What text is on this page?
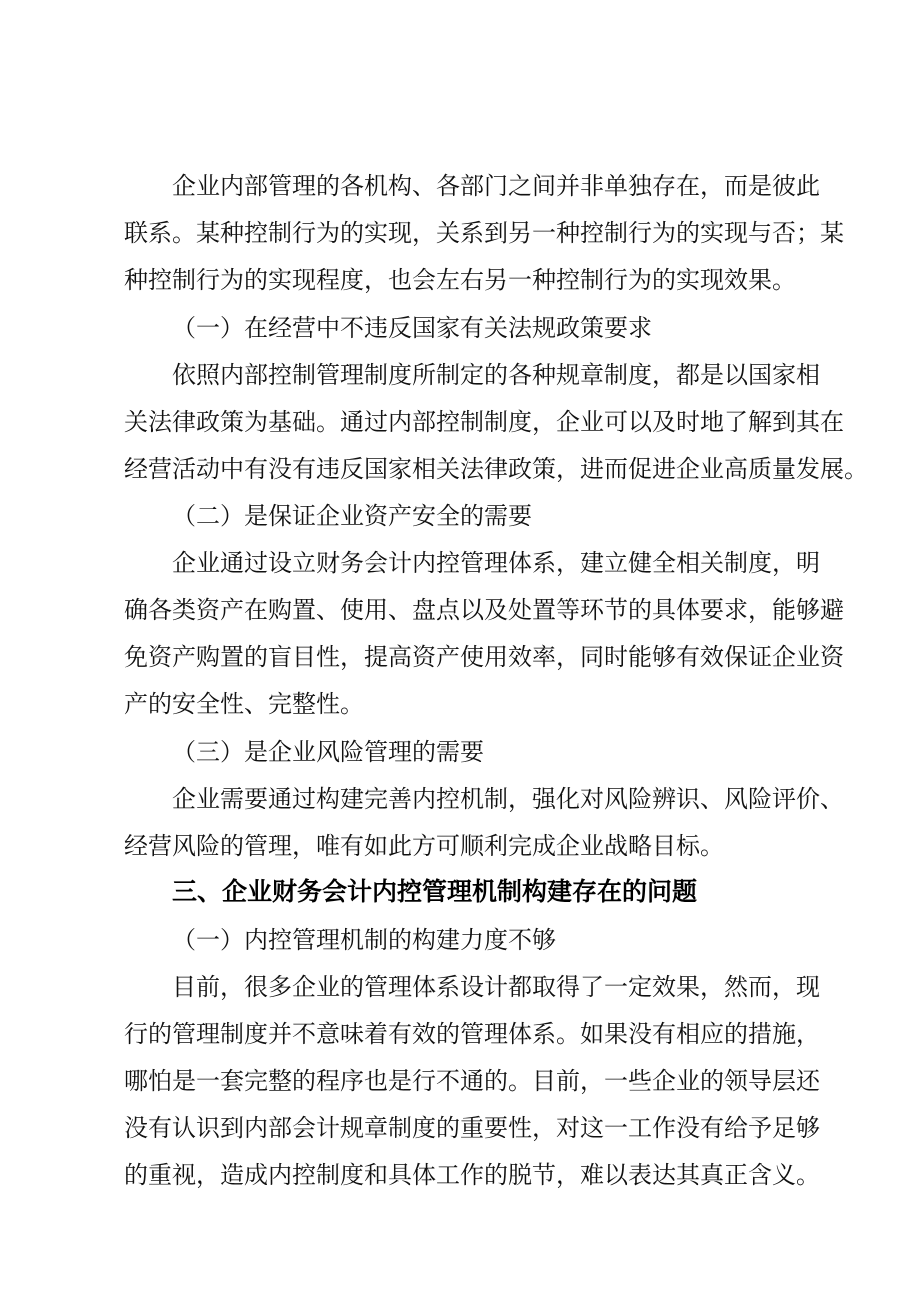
企业内部管理的各机构、各部门之间并非单独存在，而是彼此
联系。某种控制行为的实现，关系到另一种控制行为的实现与否；某
种控制行为的实现程度，也会左右另一种控制行为的实现效果。
（一）在经营中不违反国家有关法规政策要求
依照内部控制管理制度所制定的各种规章制度，都是以国家相
关法律政策为基础。通过内部控制制度，企业可以及时地了解到其在
经营活动中有没有违反国家相关法律政策，进而促进企业高质量发展。
（二）是保证企业资产安全的需要
企业通过设立财务会计内控管理体系，建立健全相关制度，明
确各类资产在购置、使用、盘点以及处置等环节的具体要求，能够避
免资产购置的盲目性，提高资产使用效率，同时能够有效保证企业资
产的安全性、完整性。
（三）是企业风险管理的需要
企业需要通过构建完善内控机制，强化对风险辨识、风险评价、
经营风险的管理，唯有如此方可顺利完成企业战略目标。
三、企业财务会计内控管理机制构建存在的问题
（一）内控管理机制的构建力度不够
目前，很多企业的管理体系设计都取得了一定效果，然而，现
行的管理制度并不意味着有效的管理体系。如果没有相应的措施，
哪怕是一套完整的程序也是行不通的。目前，一些企业的领导层还
没有认识到内部会计规章制度的重要性，对这一工作没有给予足够
的重视，造成内控制度和具体工作的脱节，难以表达其真正含义。
